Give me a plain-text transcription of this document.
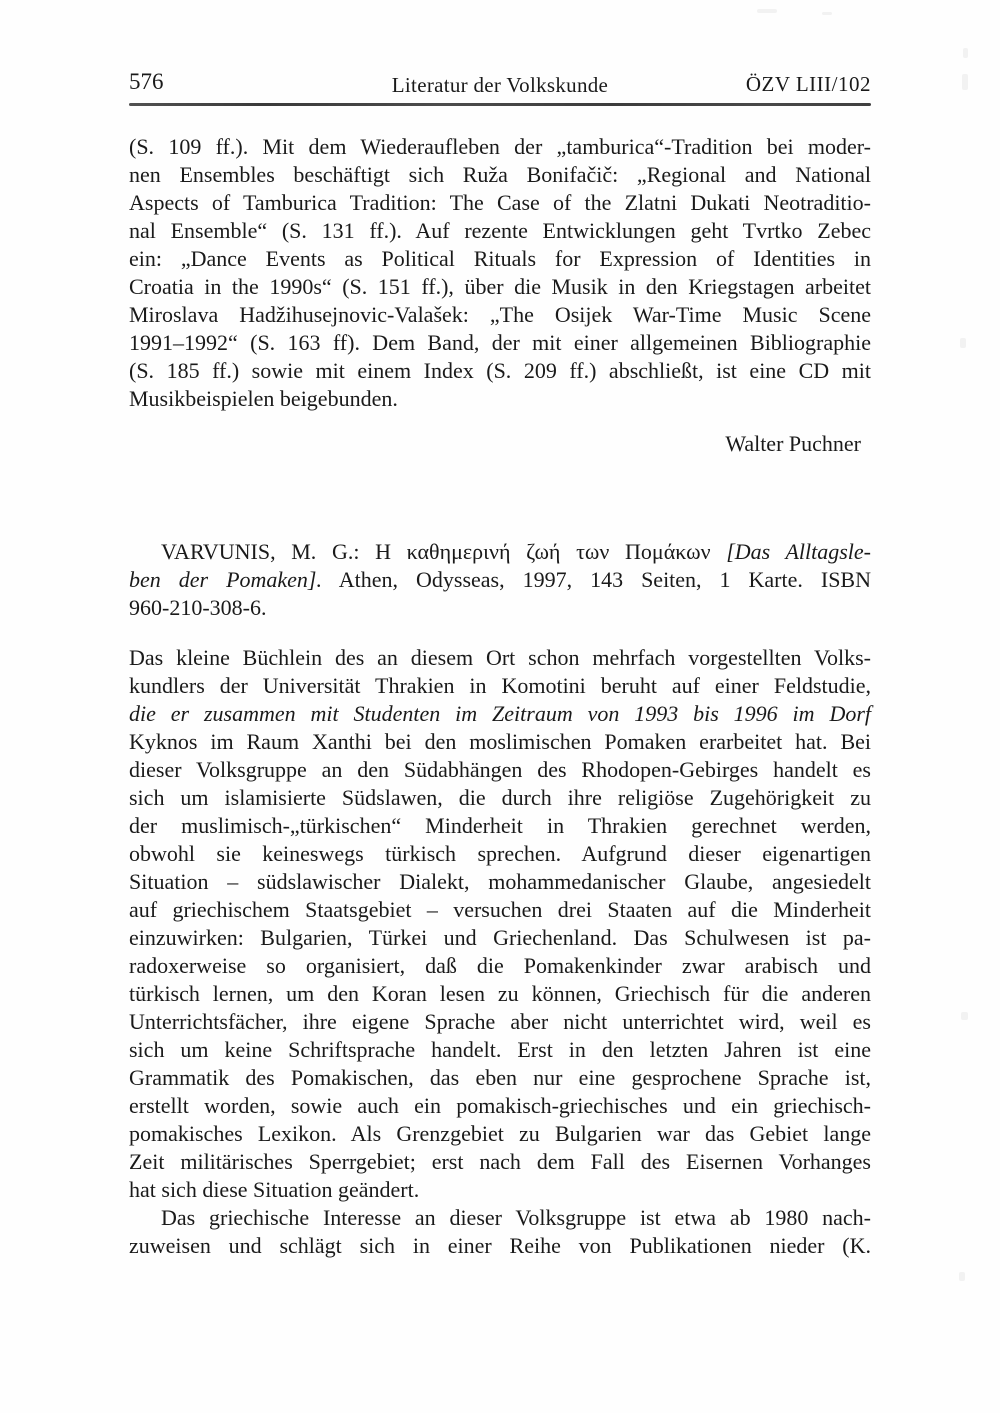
576	Literatur der Volkskunde	ÖZV LIII/102
(S. 109 ff.). Mit dem Wiederaufleben der „tamburica“-Tradition bei moder-
nen Ensembles beschäftigt sich Ruža Bonifačič: „Regional and National
Aspects of Tamburica Tradition: The Case of the Zlatni Dukati Neotraditio-
nal Ensemble“ (S. 131 ff.). Auf rezente Entwicklungen geht Tvrtko Zebec
ein: „Dance Events as Political Rituals for Expression of Identities in
Croatia in the 1990s“ (S. 151 ff.), über die Musik in den Kriegstagen arbeitet
Miroslava Hadžihusejnovic-Valašek: „The Osijek War-Time Music Scene
1991–1992“ (S. 163 ff). Dem Band, der mit einer allgemeinen Bibliographie
(S. 185 ff.) sowie mit einem Index (S. 209 ff.) abschließt, ist eine CD mit
Musikbeispielen beigebunden.
Walter Puchner
VARVUNIS, M. G.: Η καθημερινή ζωή των Πομάκων [Das Alltagsle-
ben der Pomaken]. Athen, Odysseas, 1997, 143 Seiten, 1 Karte. ISBN
960-210-308-6.
Das kleine Büchlein des an diesem Ort schon mehrfach vorgestellten Volks-
kundlers der Universität Thrakien in Komotini beruht auf einer Feldstudie,
die er zusammen mit Studenten im Zeitraum von 1993 bis 1996 im Dorf
Kyknos im Raum Xanthi bei den moslimischen Pomaken erarbeitet hat. Bei
dieser Volksgruppe an den Südabhängen des Rhodopen-Gebirges handelt es
sich um islamisierte Südslawen, die durch ihre religiöse Zugehörigkeit zu
der muslimisch-„türkischen“ Minderheit in Thrakien gerechnet werden,
obwohl sie keineswegs türkisch sprechen. Aufgrund dieser eigenartigen
Situation – südslawischer Dialekt, mohammedanischer Glaube, angesiedelt
auf griechischem Staatsgebiet – versuchen drei Staaten auf die Minderheit
einzuwirken: Bulgarien, Türkei und Griechenland. Das Schulwesen ist pa-
radoxerweise so organisiert, daß die Pomakenkinder zwar arabisch und
türkisch lernen, um den Koran lesen zu können, Griechisch für die anderen
Unterrichtsfächer, ihre eigene Sprache aber nicht unterrichtet wird, weil es
sich um keine Schriftsprache handelt. Erst in den letzten Jahren ist eine
Grammatik des Pomakischen, das eben nur eine gesprochene Sprache ist,
erstellt worden, sowie auch ein pomakisch-griechisches und ein griechisch-
pomakisches Lexikon. Als Grenzgebiet zu Bulgarien war das Gebiet lange
Zeit militärisches Sperrgebiet; erst nach dem Fall des Eisernen Vorhanges
hat sich diese Situation geändert.
Das griechische Interesse an dieser Volksgruppe ist etwa ab 1980 nach-
zuweisen und schlägt sich in einer Reihe von Publikationen nieder (K.
